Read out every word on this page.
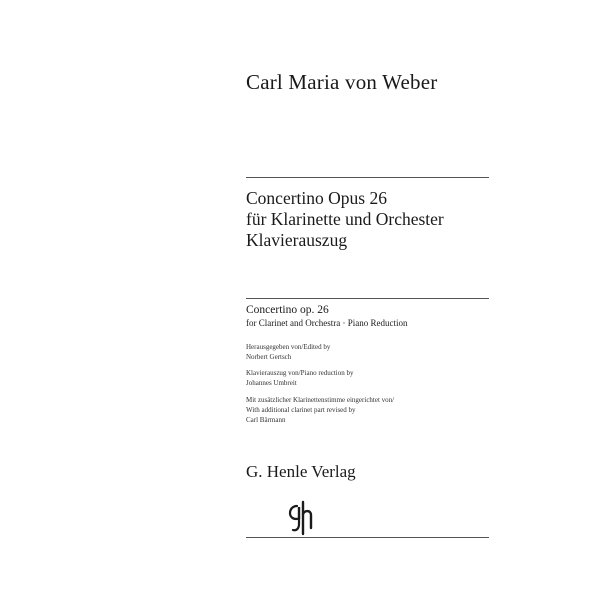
Carl Maria von Weber
Concertino Opus 26
für Klarinette und Orchester
Klavierauszug
Concertino op. 26
for Clarinet and Orchestra · Piano Reduction
Herausgegeben von/Edited by
Norbert Gertsch
Klavierauszug von/Piano reduction by
Johannes Umbreit
Mit zusätzlicher Klarinettenstimme eingerichtet von/
With additional clarinet part revised by
Carl Bärmann
G. Henle Verlag
